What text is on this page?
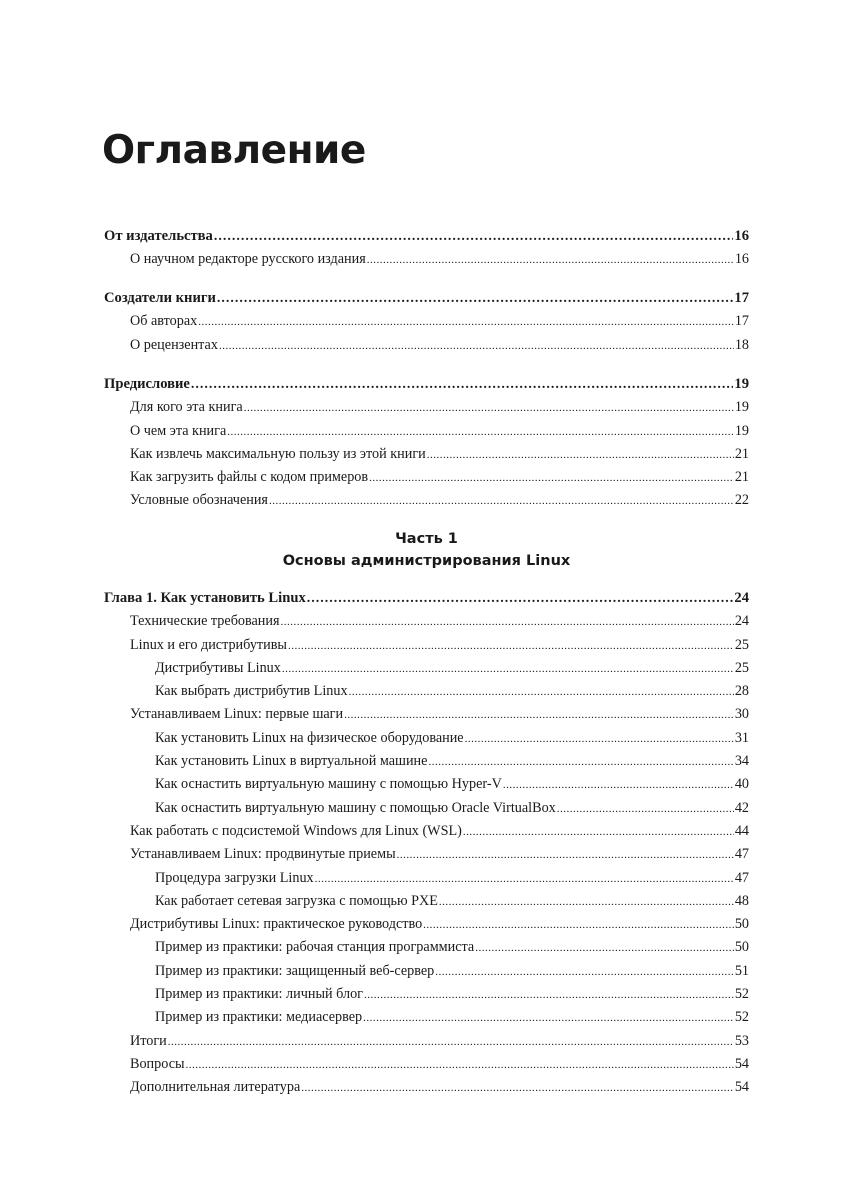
Оглавление
От издательства .....	16
О научном редакторе русского издания .....	16
Создатели книги .....	17
Об авторах .....	17
О рецензентах .....	18
Предисловие .....	19
Для кого эта книга .....	19
О чем эта книга .....	19
Как извлечь максимальную пользу из этой книги .....	21
Как загрузить файлы с кодом примеров .....	21
Условные обозначения .....	22
Глава 1. Как установить Linux .....	24
Технические требования .....	24
Linux и его дистрибутивы .....	25
Дистрибутивы Linux .....	25
Как выбрать дистрибутив Linux .....	28
Устанавливаем Linux: первые шаги .....	30
Как установить Linux на физическое оборудование .....	31
Как установить Linux в виртуальной машине .....	34
Как оснастить виртуальную машину с помощью Hyper-V .....	40
Как оснастить виртуальную машину с помощью Oracle VirtualBox .....	42
Как работать с подсистемой Windows для Linux (WSL) .....	44
Устанавливаем Linux: продвинутые приемы .....	47
Процедура загрузки Linux .....	47
Как работает сетевая загрузка с помощью PXE .....	48
Дистрибутивы Linux: практическое руководство .....	50
Пример из практики: рабочая станция программиста .....	50
Пример из практики: защищенный веб-сервер .....	51
Пример из практики: личный блог .....	52
Пример из практики: медиасервер .....	52
Итоги .....	53
Вопросы .....	54
Дополнительная литература .....	54
Часть 1
Основы администрирования Linux
